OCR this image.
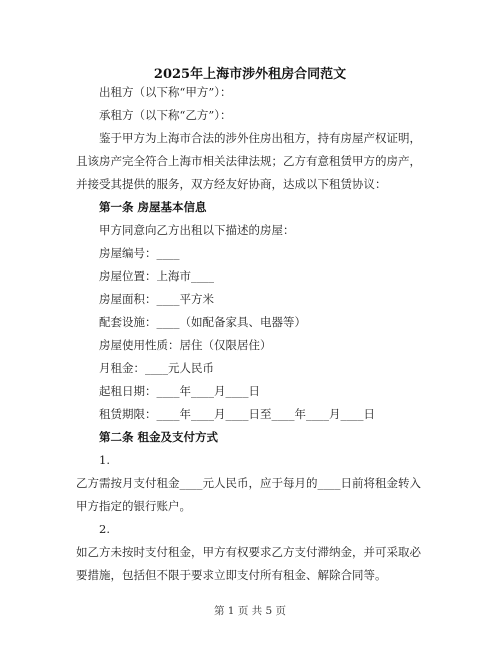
2025年上海市涉外租房合同范文
出租方（以下称“甲方”）：
承租方（以下称“乙方”）：
鉴于甲方为上海市合法的涉外住房出租方，持有房屋产权证明，
且该房产完全符合上海市相关法律法规；乙方有意租赁甲方的房产，
并接受其提供的服务，双方经友好协商，达成以下租赁协议：
第一条 房屋基本信息
甲方同意向乙方出租以下描述的房屋：
房屋编号：____
房屋位置：上海市____
房屋面积：____平方米
配套设施：____（如配备家具、电器等）
房屋使用性质：居住（仅限居住）
月租金：____元人民币
起租日期：____年____月____日
租赁期限：____年____月____日至____年____月____日
第二条 租金及支付方式
1.
乙方需按月支付租金____元人民币，应于每月的____日前将租金转入
甲方指定的银行账户。
2.
如乙方未按时支付租金，甲方有权要求乙方支付滞纳金，并可采取必
要措施，包括但不限于要求立即支付所有租金、解除合同等。
第 1 页 共 5 页
